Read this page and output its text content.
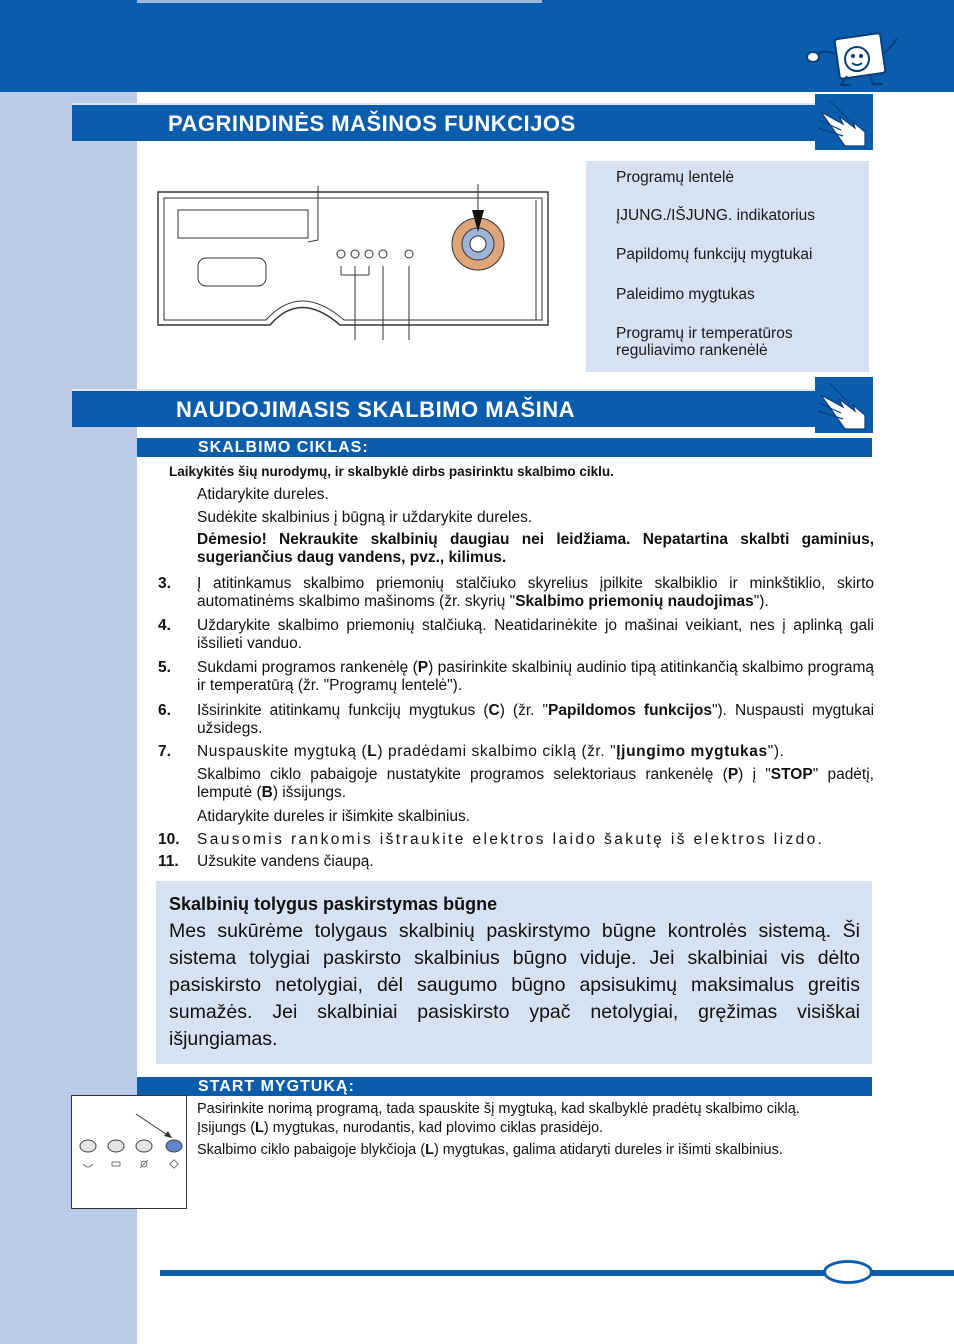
PAGRINDINĖS MAŠINOS FUNKCIJOS
Programų lentelė
ĮJUNG./IŠJUNG. indikatorius
Papildomų funkcijų mygtukai
Paleidimo mygtukas
Programų ir temperatūros reguliavimo rankenėlė
NAUDOJIMASIS SKALBIMO MAŠINA
SKALBIMO CIKLAS:
Laikykitės šių nurodymų, ir skalbyklė dirbs pasirinktu skalbimo ciklu.
Atidarykite dureles.
Sudėkite skalbinius į būgną ir uždarykite dureles.
Dėmesio! Nekraukite skalbinių daugiau nei leidžiama. Nepatartina skalbti gaminius, sugeriančius daug vandens, pvz., kilimus.
3. Į atitinkamus skalbimo priemonių stalčiuko skyrelius įpilkite skalbiklio ir minkštiklio, skirto automatinėms skalbimo mašinoms (žr. skyrių "Skalbimo priemonių naudojimas").
4. Uždarykite skalbimo priemonių stalčiuką. Neatidarinėkite jo mašinai veikiant, nes į aplinką gali išsilieti vanduo.
5. Sukdami programos rankenėlę (P) pasirinkite skalbinių audinio tipą atitinkančią skalbimo programą ir temperatūrą (žr. "Programų lentelė").
6. Išsirinkite atitinkamų funkcijų mygtukus (C) (žr. "Papildomos funkcijos"). Nuspausti mygtukai užsidegs.
7. Nuspauskite mygtuką (L) pradėdami skalbimo ciklą (žr. "Įjungimo mygtukas").
Skalbimo ciklo pabaigoje nustatykite programos selektoriaus rankenėlę (P) į "STOP" padėtį, lemputė (B) išsijungs.
Atidarykite dureles ir išimkite skalbinius.
10. Sausomis rankomis ištraukite elektros laido šakutę iš elektros lizdo.
11. Užsukite vandens čiaupą.
Skalbinių tolygus paskirstymas būgne
Mes sukūrėme tolygaus skalbinių paskirstymo būgne kontrolės sistemą. Ši sistema tolygiai paskirsto skalbinius būgno viduje. Jei skalbiniai vis dėlto pasiskirsto netolygiai, dėl saugumo būgno apsisukimų maksimalus greitis sumažės. Jei skalbiniai pasiskirsto ypač netolygiai, gręžimas visiškai išjungiamas.
START MYGTUKĄ:
Pasirinkite norimą programą, tada spauskite šį mygtuką, kad skalbyklė pradėtų skalbimo ciklą.
Įsijungs (L) mygtukas, nurodantis, kad plovimo ciklas prasidėjo.
Skalbimo ciklo pabaigoje blykčioja (L) mygtukas, galima atidaryti dureles ir išimti skalbinius.
